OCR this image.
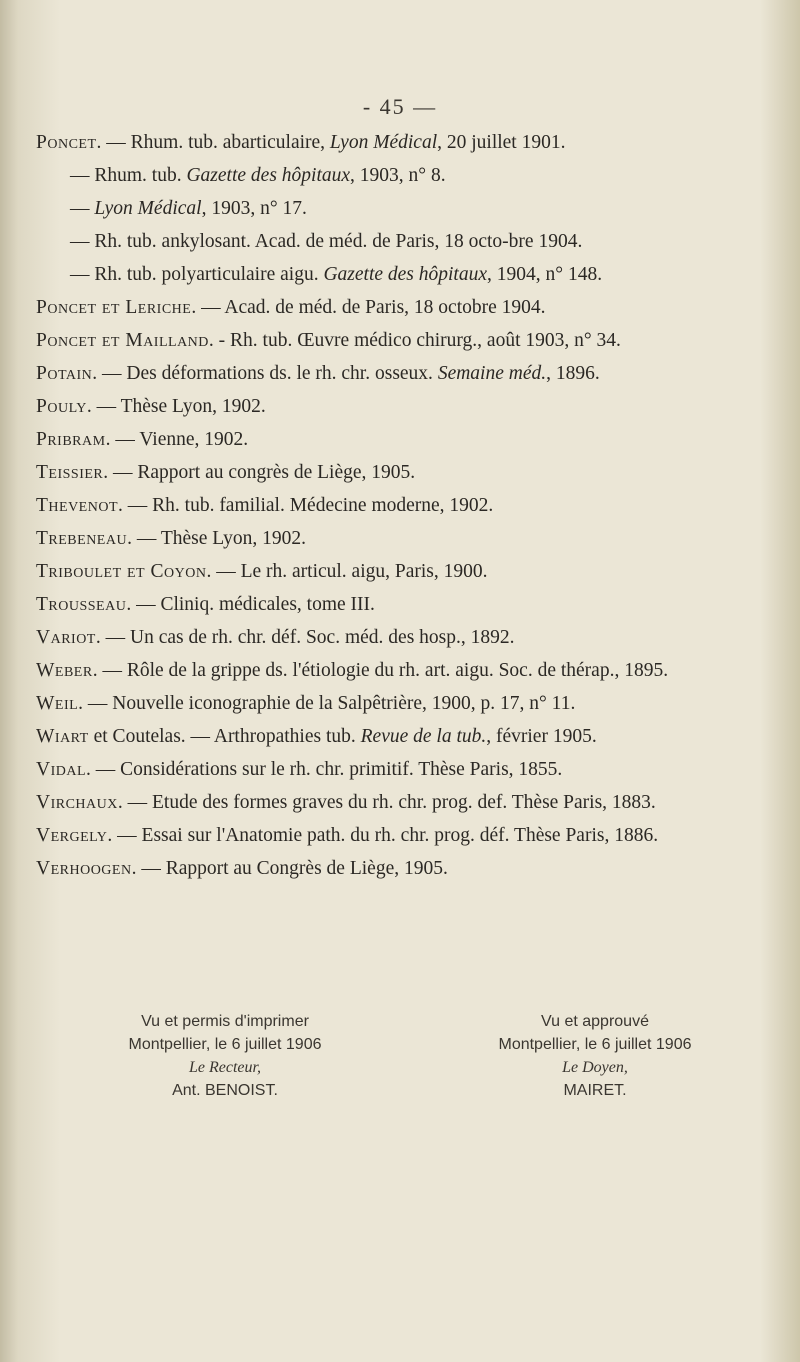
- 45 —

Poncet. — Rhum. tub. abarticulaire, Lyon Médical, 20 juillet 1901.

— Rhum. tub. Gazette des hôpitaux, 1903, n° 8.

— Lyon Médical, 1903, n° 17.

— Rh. tub. ankylosant. Acad. de méd. de Paris, 18 octo-bre 1904.

— Rh. tub. polyarticulaire aigu. Gazette des hôpitaux, 1904, n° 148.

Poncet et Leriche. — Acad. de méd. de Paris, 18 octobre 1904.

Poncet et Mailland. - Rh. tub. Œuvre médico chirurg., août 1903, n° 34.

Potain. — Des déformations ds. le rh. chr. osseux. Semaine méd., 1896.

Pouly. — Thèse Lyon, 1902.

Pribram. — Vienne, 1902.

Teissier. — Rapport au congrès de Liège, 1905.

Thevenot. — Rh. tub. familial. Médecine moderne, 1902.

Trebeneau. — Thèse Lyon, 1902.

Triboulet et Coyon. — Le rh. articul. aigu, Paris, 1900.

Trousseau. — Cliniq. médicales, tome III.

Variot. — Un cas de rh. chr. déf. Soc. méd. des hosp., 1892.

Weber. — Rôle de la grippe ds. l'étiologie du rh. art. aigu. Soc. de thérap., 1895.

Weil. — Nouvelle iconographie de la Salpêtrière, 1900, p. 17, n° 11.

Wiart et Coutelas. — Arthropathies tub. Revue de la tub., février 1905.

Vidal. — Considérations sur le rh. chr. primitif. Thèse Paris, 1855.

Virchaux. — Etude des formes graves du rh. chr. prog. def. Thèse Paris, 1883.

Vergely. — Essai sur l'Anatomie path. du rh. chr. prog. déf. Thèse Paris, 1886.

Verhoogen. — Rapport au Congrès de Liège, 1905.

Vu et permis d'imprimer
Montpellier, le 6 juillet 1906
Le Recteur,
Ant. BENOIST.
Vu et approuvé
Montpellier, le 6 juillet 1906
Le Doyen,
MAIRET.
